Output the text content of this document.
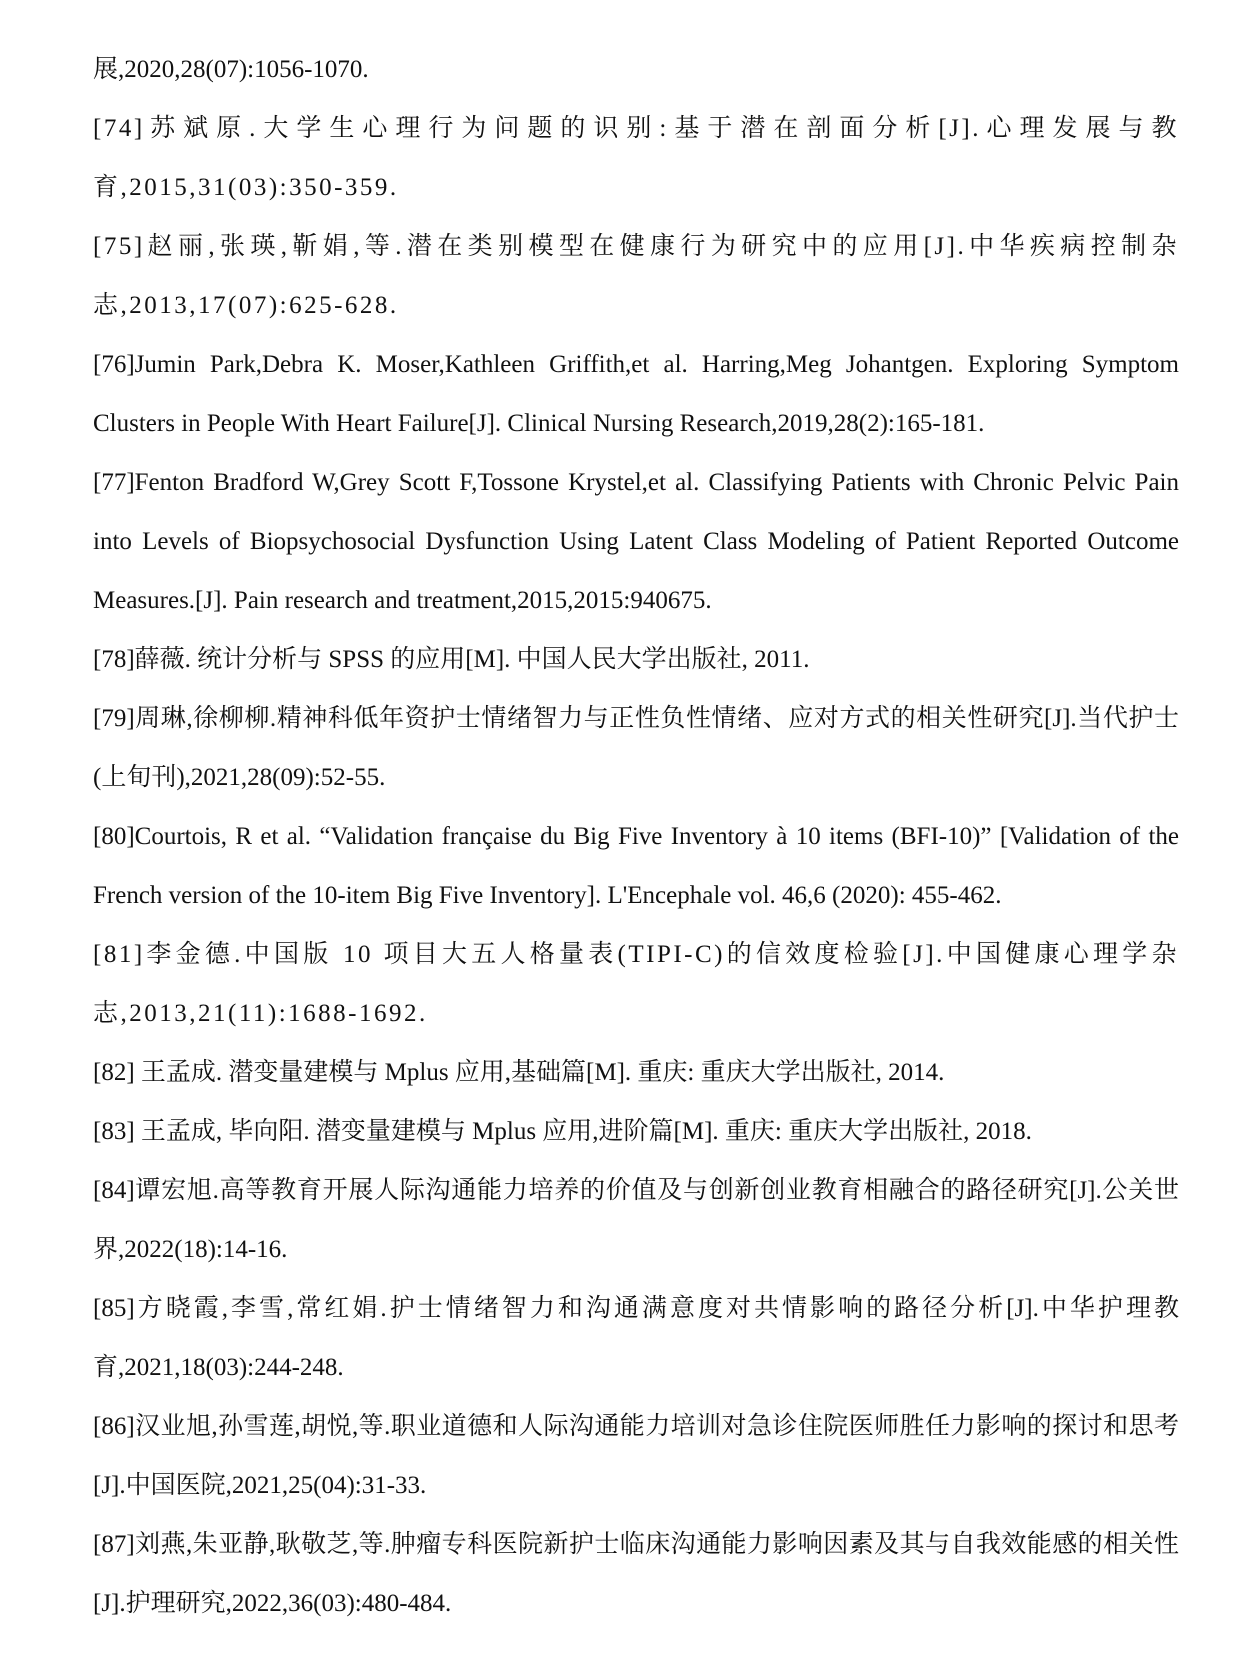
展,2020,28(07):1056-1070.

[74]苏斌原.大学生心理行为问题的识别:基于潜在剖面分析[J].心理发展与教育,2015,31(03):350-359.

[75]赵丽,张瑛,靳娟,等.潜在类别模型在健康行为研究中的应用[J].中华疾病控制杂志,2013,17(07):625-628.

[76]Jumin Park,Debra K. Moser,Kathleen Griffith,et al. Harring,Meg Johantgen. Exploring Symptom Clusters in People With Heart Failure[J]. Clinical Nursing Research,2019,28(2):165-181.

[77]Fenton Bradford W,Grey Scott F,Tossone Krystel,et al. Classifying Patients with Chronic Pelvic Pain into Levels of Biopsychosocial Dysfunction Using Latent Class Modeling of Patient Reported Outcome Measures.[J]. Pain research and treatment,2015,2015:940675.

[78]薛薇. 统计分析与 SPSS 的应用[M]. 中国人民大学出版社, 2011.

[79]周琳,徐柳柳.精神科低年资护士情绪智力与正性负性情绪、应对方式的相关性研究[J].当代护士(上旬刊),2021,28(09):52-55.

[80]Courtois, R et al. “Validation française du Big Five Inventory à 10 items (BFI-10)” [Validation of the French version of the 10-item Big Five Inventory]. L'Encephale vol. 46,6 (2020): 455-462.

[81]李金德.中国版 10 项目大五人格量表(TIPI-C)的信效度检验[J].中国健康心理学杂志,2013,21(11):1688-1692.

[82] 王孟成. 潜变量建模与 Mplus 应用,基础篇[M]. 重庆: 重庆大学出版社, 2014.

[83] 王孟成, 毕向阳. 潜变量建模与 Mplus 应用,进阶篇[M]. 重庆: 重庆大学出版社, 2018.

[84]谭宏旭.高等教育开展人际沟通能力培养的价值及与创新创业教育相融合的路径研究[J].公关世界,2022(18):14-16.

[85]方晓霞,李雪,常红娟.护士情绪智力和沟通满意度对共情影响的路径分析[J].中华护理教育,2021,18(03):244-248.

[86]汉业旭,孙雪莲,胡悦,等.职业道德和人际沟通能力培训对急诊住院医师胜任力影响的探讨和思考[J].中国医院,2021,25(04):31-33.

[87]刘燕,朱亚静,耿敬芝,等.肿瘤专科医院新护士临床沟通能力影响因素及其与自我效能感的相关性[J].护理研究,2022,36(03):480-484.
